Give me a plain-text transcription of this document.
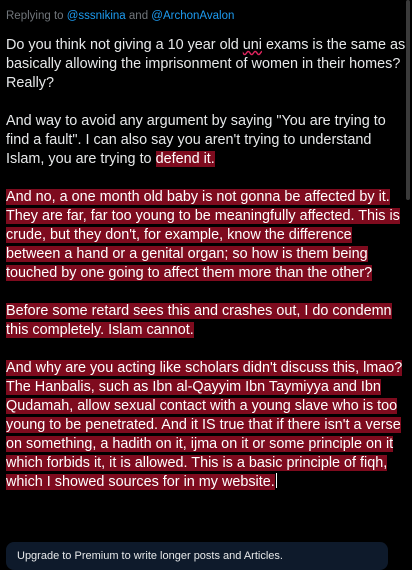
Replying to @sssnikina and @ArchonAvalon

Do you think not giving a 10 year old uni exams is the same as basically allowing the imprisonment of women in their homes? Really?

And way to avoid any argument by saying "You are trying to find a fault". I can also say you aren't trying to understand Islam, you are trying to defend it.

And no, a one month old baby is not gonna be affected by it. They are far, far too young to be meaningfully affected. This is crude, but they don't, for example, know the difference between a hand or a genital organ; so how is them being touched by one going to affect them more than the other?

Before some retard sees this and crashes out, I do condemn this completely. Islam cannot.

And why are you acting like scholars didn't discuss this, lmao? The Hanbalis, such as Ibn al-Qayyim Ibn Taymiyya and Ibn Qudamah, allow sexual contact with a young slave who is too young to be penetrated. And it IS true that if there isn't a verse on something, a hadith on it, ijma on it or some principle on it which forbids it, it is allowed. This is a basic principle of fiqh, which I showed sources for in my website.

Upgrade to Premium to write longer posts and Articles.
